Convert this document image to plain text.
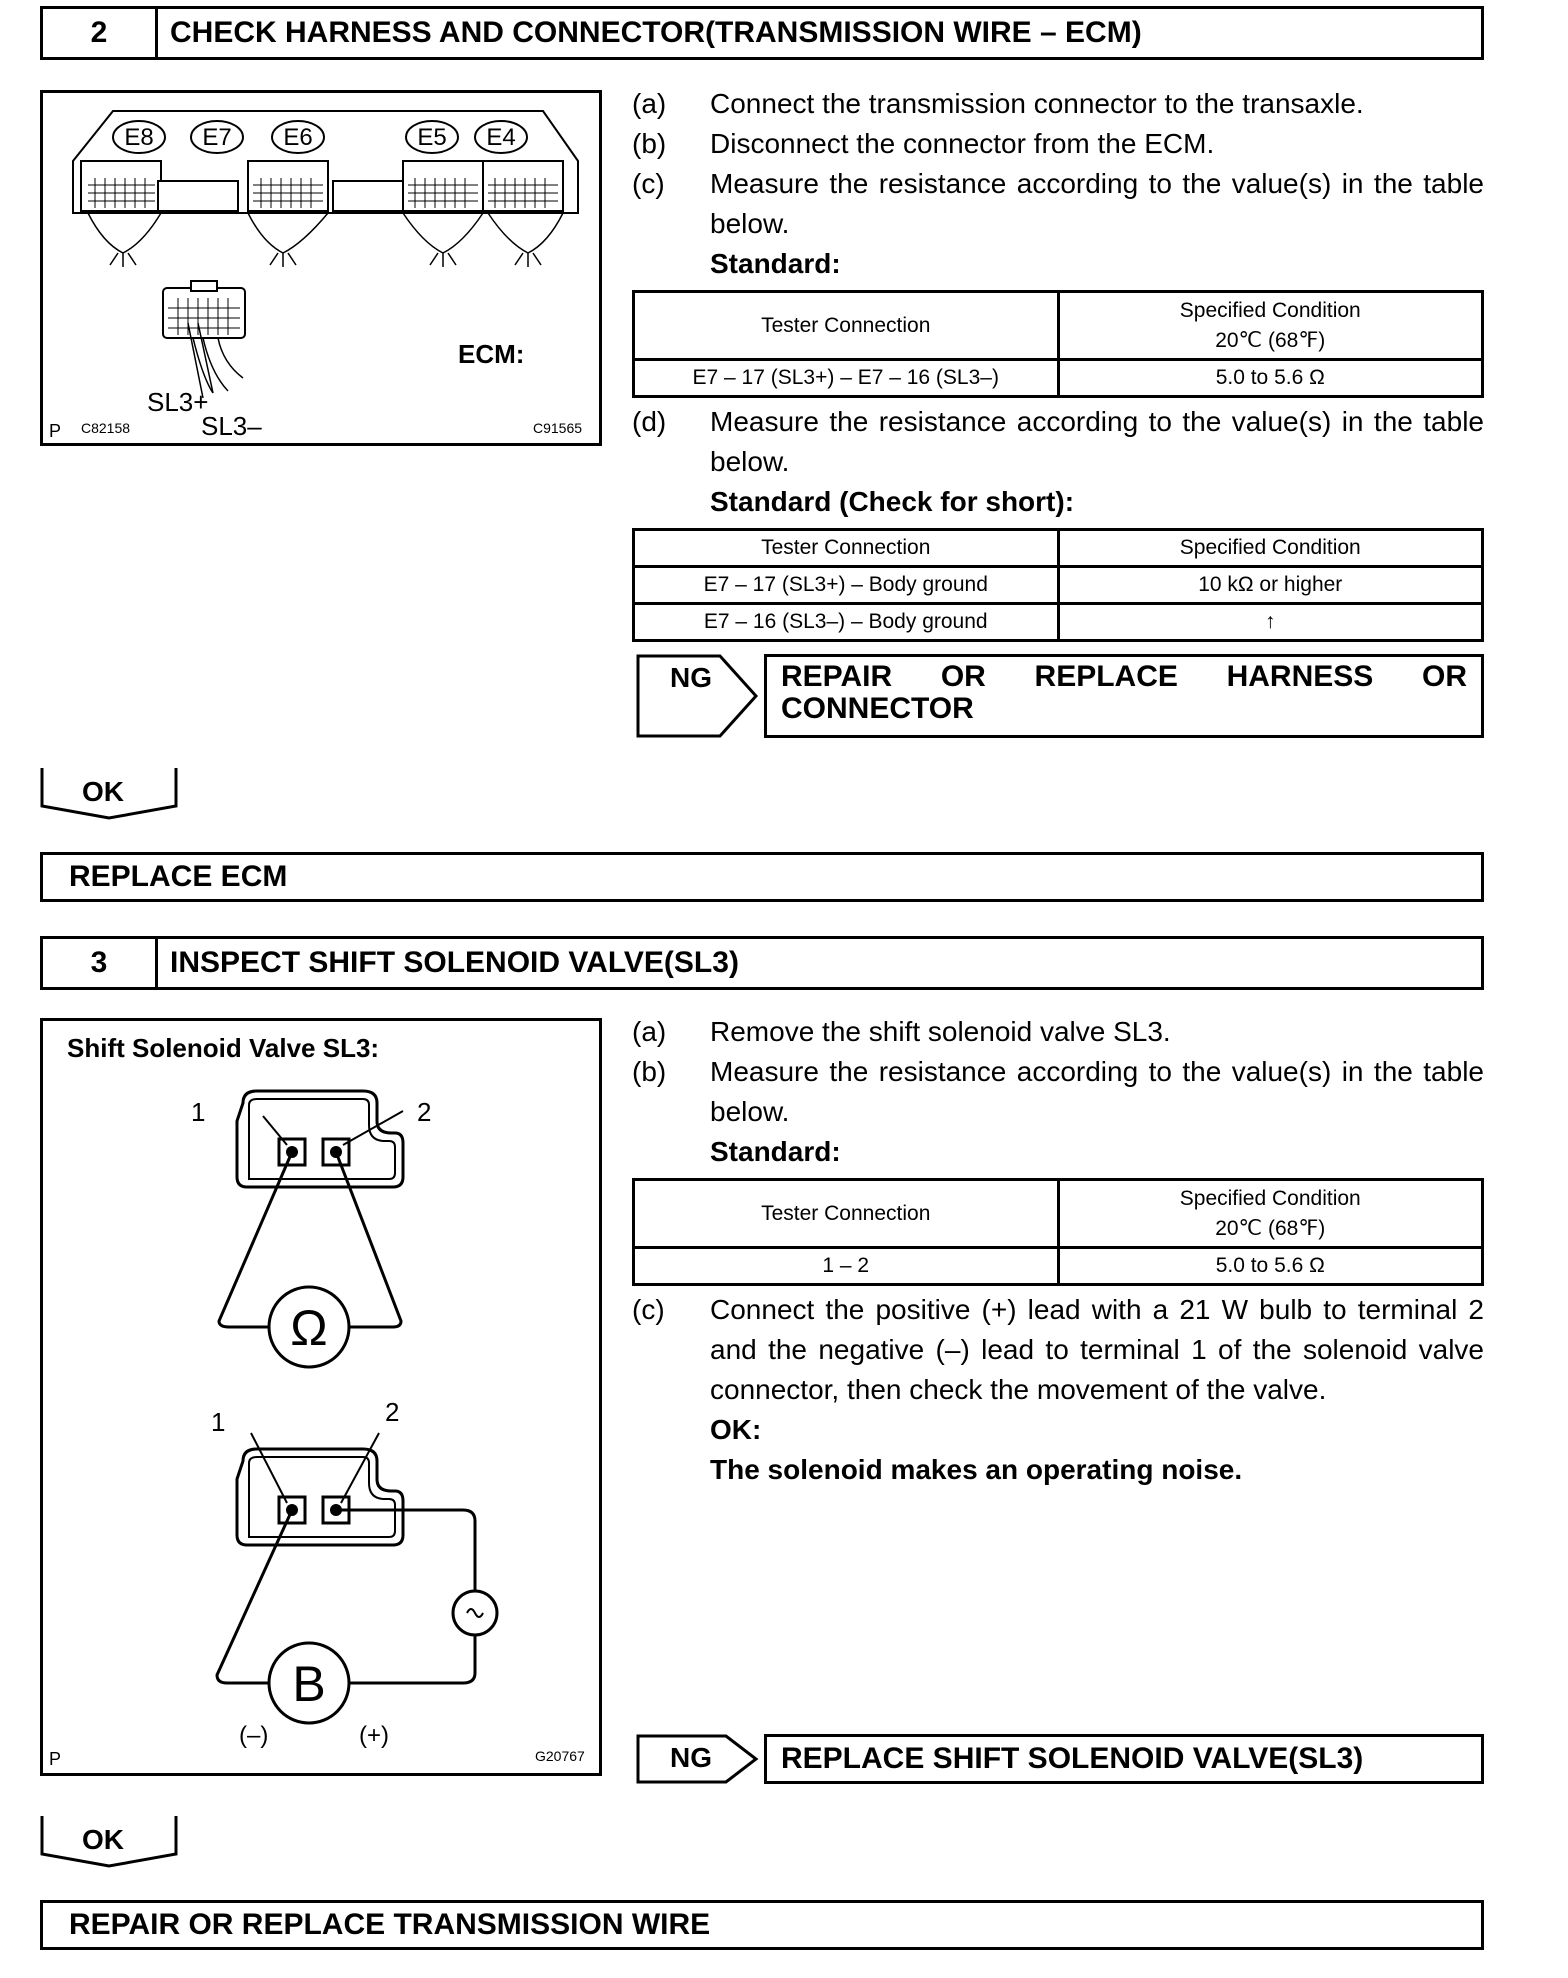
2	CHECK HARNESS AND CONNECTOR(TRANSMISSION WIRE – ECM)
E8 E7 E6	E5 E4
ECM:
SL3+
SL3–
P C82158	C91565
(a)	Connect the transmission connector to the transaxle.
(b)	Disconnect the connector from the ECM.
(c)	Measure the resistance according to the value(s) in the table below.
Standard:
Tester Connection	Specified Condition
20℃ (68℉)

E7 – 17 (SL3+) – E7 – 16 (SL3–)	5.0 to 5.6 Ω
(d)	Measure the resistance according to the value(s) in the table below.
Standard (Check for short):
Tester Connection	Specified Condition
E7 – 17 (SL3+) – Body ground	10 kΩ or higher
E7 – 16 (SL3–) – Body ground	↑
NG	REPAIR OR REPLACE HARNESS OR CONNECTOR
OK
REPLACE ECM
3	INSPECT SHIFT SOLENOID VALVE(SL3)
Shift Solenoid Valve SL3:
1	2
Ω
1	2
B
(–)	(+)
P	G20767
(a)	Remove the shift solenoid valve SL3.
(b)	Measure the resistance according to the value(s) in the table below.
Standard:
Tester Connection	Specified Condition
20℃ (68℉)

1 – 2	5.0 to 5.6 Ω
(c)	Connect the positive (+) lead with a 21 W bulb to terminal 2 and the negative (–) lead to terminal 1 of the solenoid valve connector, then check the movement of the valve.
OK:
The solenoid makes an operating noise.
NG REPLACE SHIFT SOLENOID VALVE(SL3)
OK
REPAIR OR REPLACE TRANSMISSION WIRE
